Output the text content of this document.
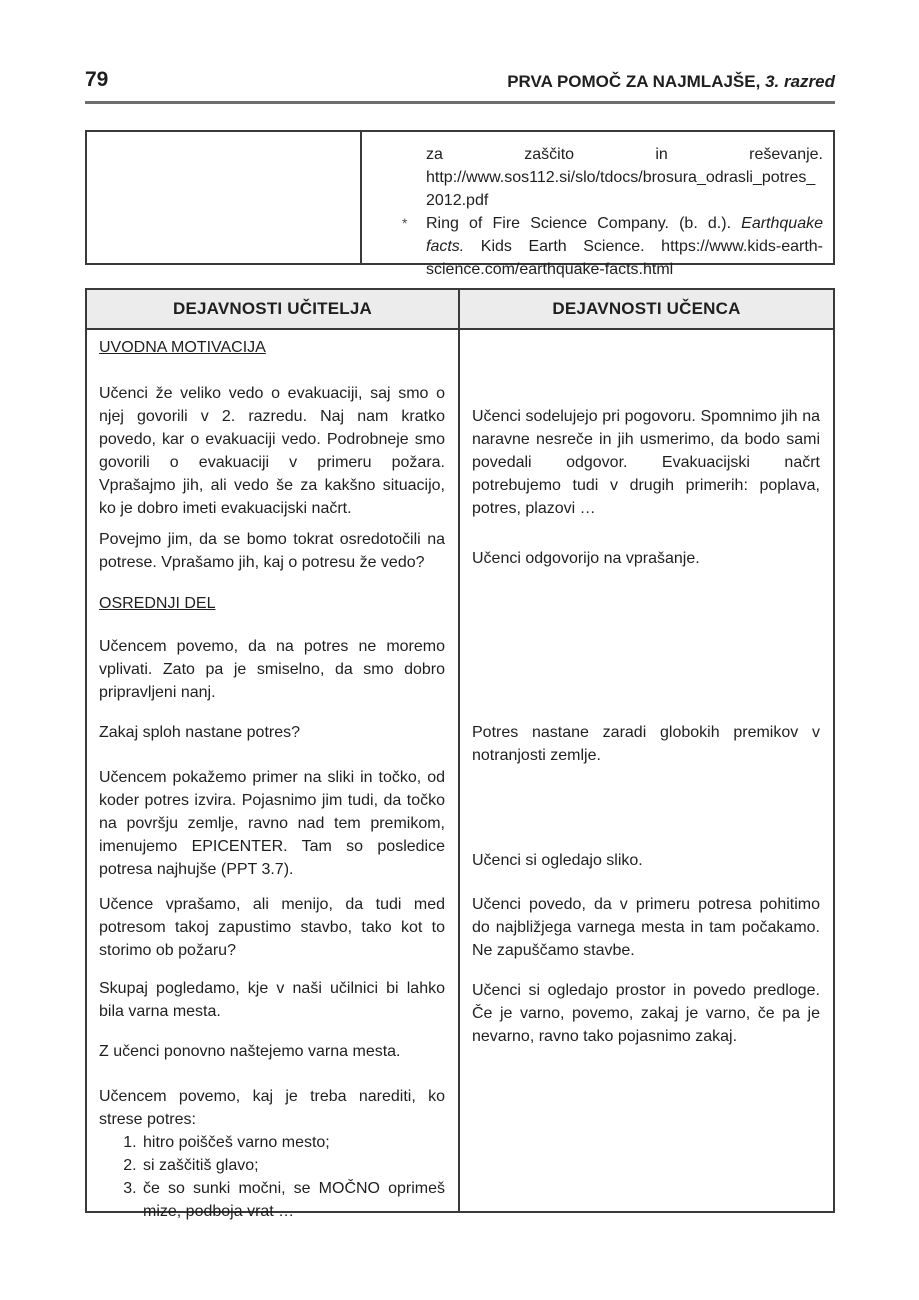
79	PRVA POMOČ ZA NAJMLAJŠE, 3. razred
za zaščito in reševanje. http://www.sos112.si/slo/tdocs/brosura_odrasli_potres_2012.pdf
* Ring of Fire Science Company. (b. d.). Earthquake facts. Kids Earth Science. https://www.kids-earth-science.com/earthquake-facts.html
DEJAVNOSTI UČITELJA	DEJAVNOSTI UČENCA
UVODNA MOTIVACIJA
Učenci že veliko vedo o evakuaciji, saj smo o njej govorili v 2. razredu. Naj nam kratko povedo, kar o evakuaciji vedo. Podrobneje smo govorili o evakuaciji v primeru požara. Vprašajmo jih, ali vedo še za kakšno situacijo, ko je dobro imeti evakuacijski načrt.
Povejmo jim, da se bomo tokrat osredotočili na potrese. Vprašamo jih, kaj o potresu že vedo?
OSREDNJI DEL
Učencem povemo, da na potres ne moremo vplivati. Zato pa je smiselno, da smo dobro pripravljeni nanj.
Zakaj sploh nastane potres?
Učencem pokažemo primer na sliki in točko, od koder potres izvira. Pojasnimo jim tudi, da točko na površju zemlje, ravno nad tem premikom, imenujemo EPICENTER. Tam so posledice potresa najhujše (PPT 3.7).
Učence vprašamo, ali menijo, da tudi med potresom takoj zapustimo stavbo, tako kot to storimo ob požaru?
Skupaj pogledamo, kje v naši učilnici bi lahko bila varna mesta.
Z učenci ponovno naštejemo varna mesta.
Učencem povemo, kaj je treba narediti, ko strese potres:
1. hitro poiščeš varno mesto;
2. si zaščitiš glavo;
3. če so sunki močni, se MOČNO oprimeš mize, podboja vrat …
Učenci sodelujejo pri pogovoru. Spomnimo jih na naravne nesreče in jih usmerimo, da bodo sami povedali odgovor. Evakuacijski načrt potrebujemo tudi v drugih primerih: poplava, potres, plazovi …
Učenci odgovorijo na vprašanje.
Potres nastane zaradi globokih premikov v notranjosti zemlje.
Učenci si ogledajo sliko.
Učenci povedo, da v primeru potresa pohitimo do najbližjega varnega mesta in tam počakamo. Ne zapuščamo stavbe.
Učenci si ogledajo prostor in povedo predloge. Če je varno, povemo, zakaj je varno, če pa je nevarno, ravno tako pojasnimo zakaj.
